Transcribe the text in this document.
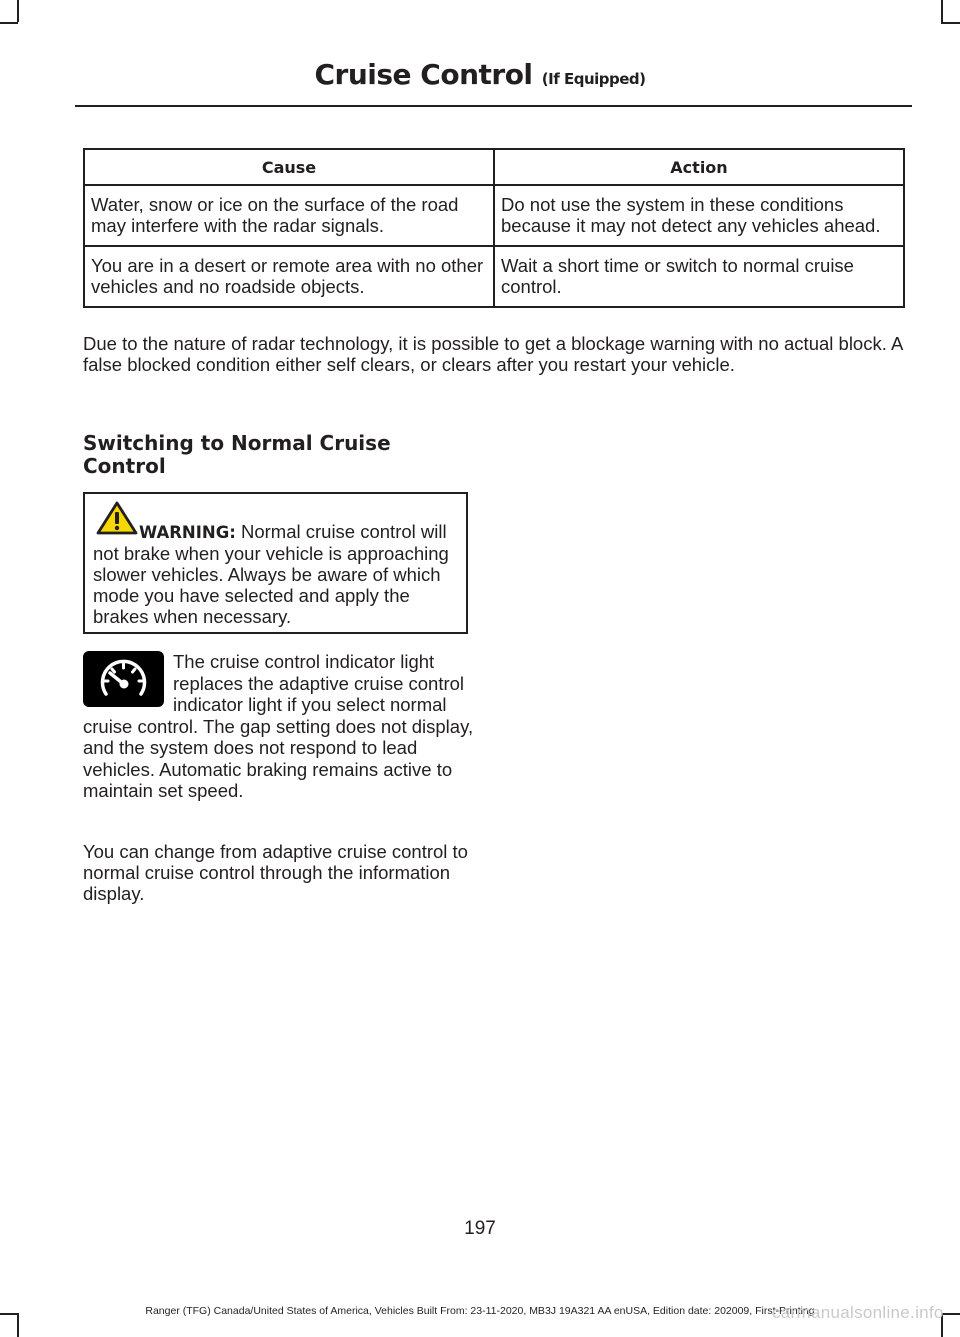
Cruise Control (If Equipped)
Cause	Action
Water, snow or ice on the surface of the road may interfere with the radar signals.	Do not use the system in these conditions because it may not detect any vehicles ahead.
You are in a desert or remote area with no other vehicles and no roadside objects.	Wait a short time or switch to normal cruise control.

Due to the nature of radar technology, it is possible to get a blockage warning with no actual block. A false blocked condition either self clears, or clears after you restart your vehicle.

Switching to Normal Cruise Control

WARNING: Normal cruise control will not brake when your vehicle is approaching slower vehicles. Always be aware of which mode you have selected and apply the brakes when necessary.

The cruise control indicator light replaces the adaptive cruise control indicator light if you select normal cruise control. The gap setting does not display, and the system does not respond to lead vehicles. Automatic braking remains active to maintain set speed.

You can change from adaptive cruise control to normal cruise control through the information display.

197
Ranger (TFG) Canada/United States of America, Vehicles Built From: 23-11-2020, MB3J 19A321 AA enUSA, Edition date: 202009, First-Printing
carmanualsonline.info
